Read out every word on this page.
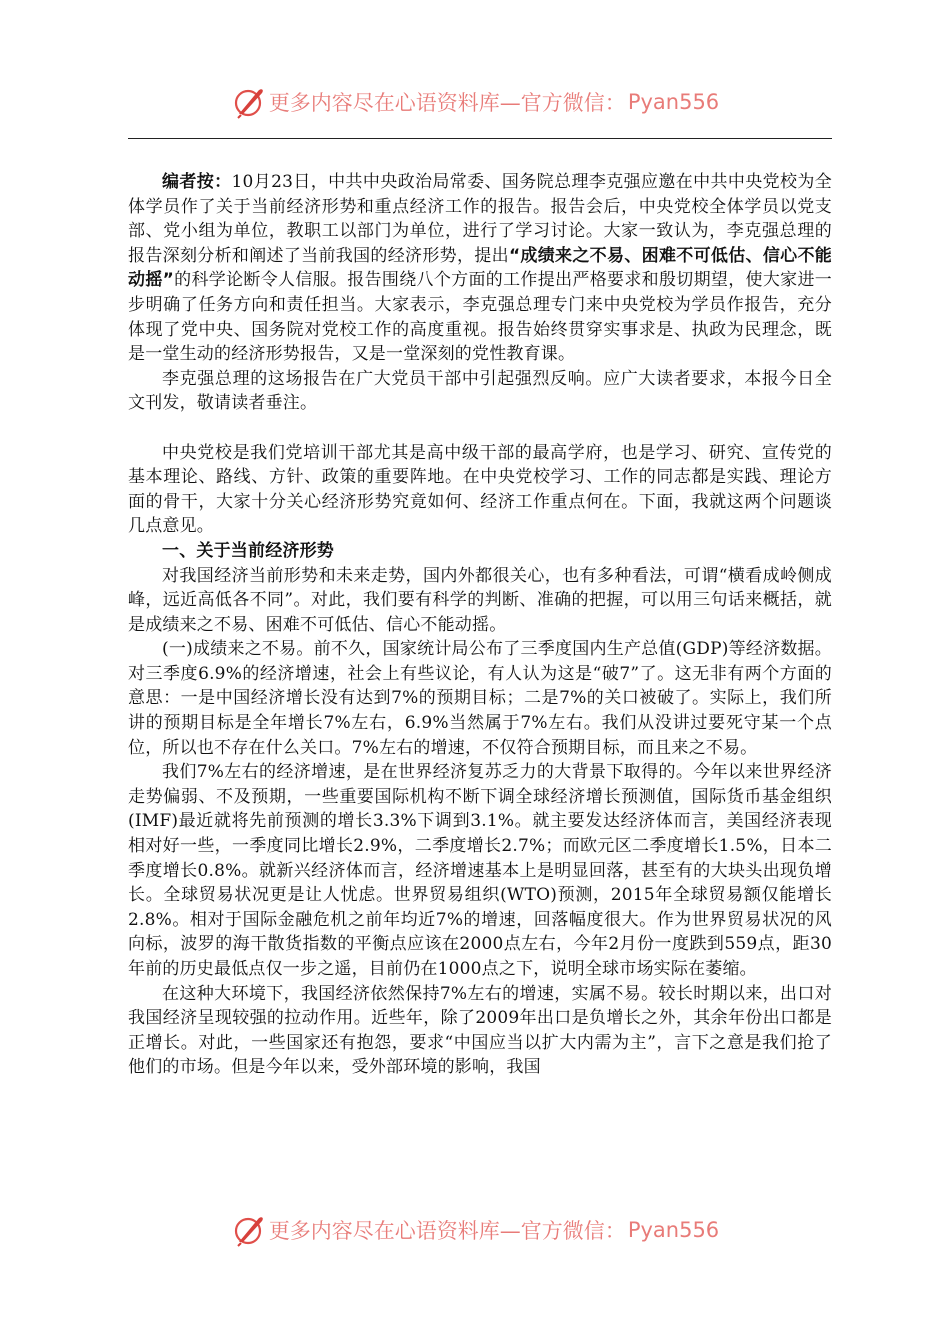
更多内容尽在心语资料库—官方微信： Pyan556

编者按：10月23日，中共中央政治局常委、国务院总理李克强应邀在中共中央党校为全体学员作了关于当前经济形势和重点经济工作的报告。报告会后，中央党校全体学员以党支部、党小组为单位，教职工以部门为单位，进行了学习讨论。大家一致认为，李克强总理的报告深刻分析和阐述了当前我国的经济形势，提出“成绩来之不易、困难不可低估、信心不能动摇”的科学论断令人信服。报告围绕八个方面的工作提出严格要求和殷切期望，使大家进一步明确了任务方向和责任担当。大家表示，李克强总理专门来中央党校为学员作报告，充分体现了党中央、国务院对党校工作的高度重视。报告始终贯穿实事求是、执政为民理念，既是一堂生动的经济形势报告，又是一堂深刻的党性教育课。

李克强总理的这场报告在广大党员干部中引起强烈反响。应广大读者要求，本报今日全文刊发，敬请读者垂注。

中央党校是我们党培训干部尤其是高中级干部的最高学府，也是学习、研究、宣传党的基本理论、路线、方针、政策的重要阵地。在中央党校学习、工作的同志都是实践、理论方面的骨干，大家十分关心经济形势究竟如何、经济工作重点何在。下面，我就这两个问题谈几点意见。

一、关于当前经济形势

对我国经济当前形势和未来走势，国内外都很关心，也有多种看法，可谓“横看成岭侧成峰，远近高低各不同”。对此，我们要有科学的判断、准确的把握，可以用三句话来概括，就是成绩来之不易、困难不可低估、信心不能动摇。

(一)成绩来之不易。前不久，国家统计局公布了三季度国内生产总值(GDP)等经济数据。对三季度6.9%的经济增速，社会上有些议论，有人认为这是“破7”了。这无非有两个方面的意思：一是中国经济增长没有达到7%的预期目标；二是7%的关口被破了。实际上，我们所讲的预期目标是全年增长7%左右，6.9%当然属于7%左右。我们从没讲过要死守某一个点位，所以也不存在什么关口。7%左右的增速，不仅符合预期目标，而且来之不易。

我们7%左右的经济增速，是在世界经济复苏乏力的大背景下取得的。今年以来世界经济走势偏弱、不及预期，一些重要国际机构不断下调全球经济增长预测值，国际货币基金组织(IMF)最近就将先前预测的增长3.3%下调到3.1%。就主要发达经济体而言，美国经济表现相对好一些，一季度同比增长2.9%，二季度增长2.7%；而欧元区二季度增长1.5%，日本二季度增长0.8%。就新兴经济体而言，经济增速基本上是明显回落，甚至有的大块头出现负增长。全球贸易状况更是让人忧虑。世界贸易组织(WTO)预测，2015年全球贸易额仅能增长2.8%。相对于国际金融危机之前年均近7%的增速，回落幅度很大。作为世界贸易状况的风向标，波罗的海干散货指数的平衡点应该在2000点左右，今年2月份一度跌到559点，距30年前的历史最低点仅一步之遥，目前仍在1000点之下，说明全球市场实际在萎缩。

在这种大环境下，我国经济依然保持7%左右的增速，实属不易。较长时期以来，出口对我国经济呈现较强的拉动作用。近些年，除了2009年出口是负增长之外，其余年份出口都是正增长。对此，一些国家还有抱怨，要求“中国应当以扩大内需为主”，言下之意是我们抢了他们的市场。但是今年以来，受外部环境的影响，我国

更多内容尽在心语资料库—官方微信： Pyan556
